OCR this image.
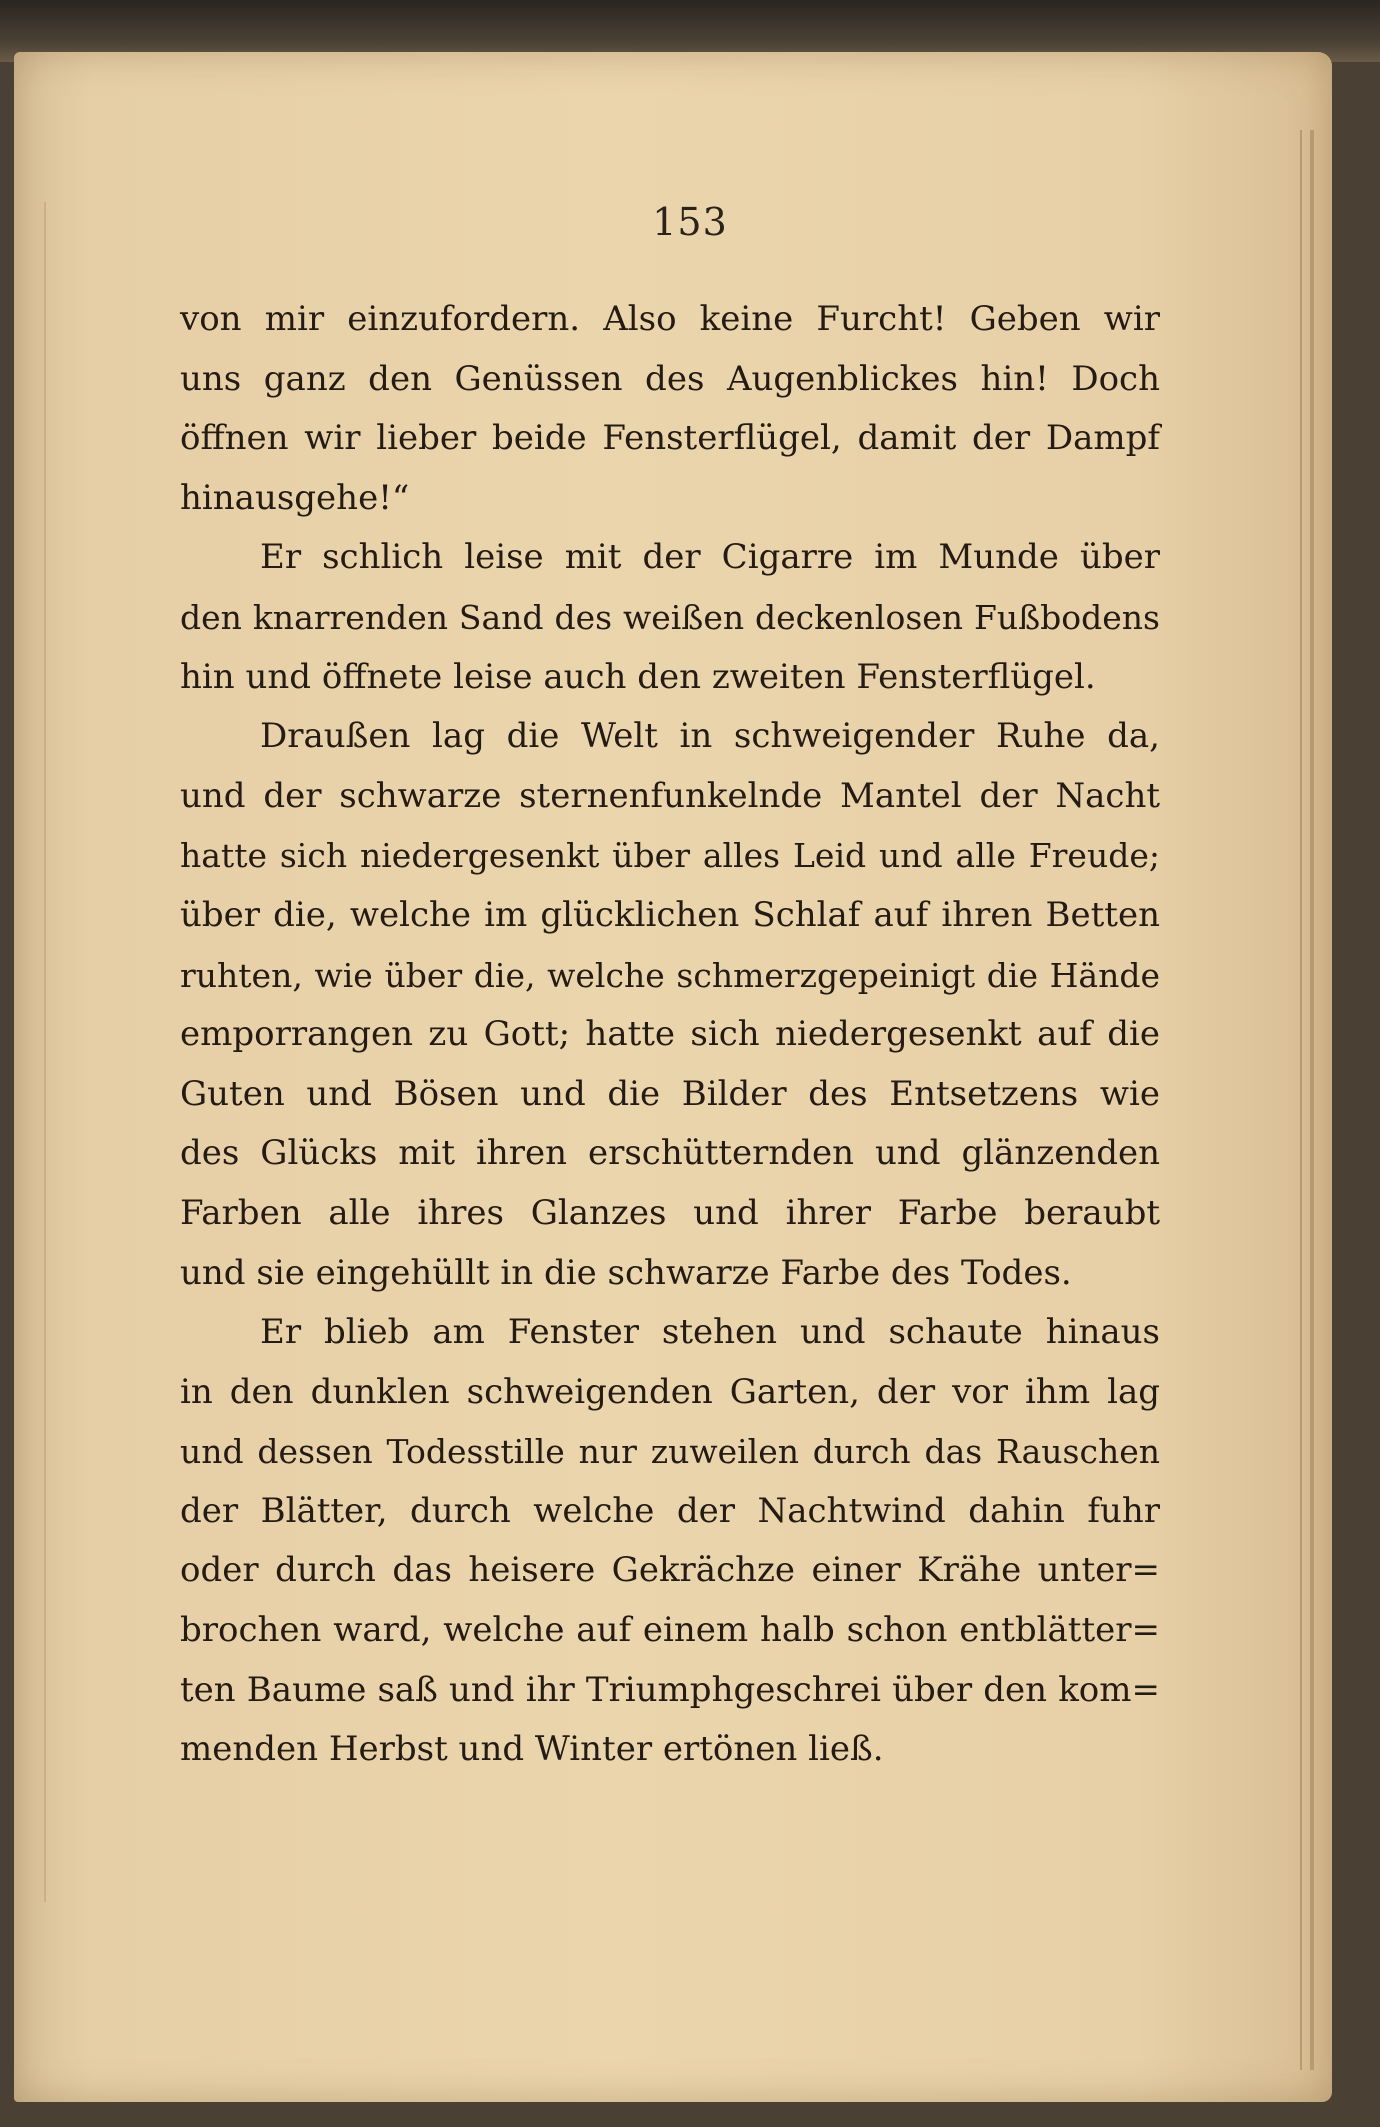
153

von mir einzufordern. Also keine Furcht! Geben wir
uns ganz den Genüssen des Augenblickes hin! Doch
öffnen wir lieber beide Fensterflügel, damit der Dampf
hinausgehe!“

Er schlich leise mit der Cigarre im Munde über
den knarrenden Sand des weißen deckenlosen Fußbodens
hin und öffnete leise auch den zweiten Fensterflügel.

Draußen lag die Welt in schweigender Ruhe da,
und der schwarze sternenfunkelnde Mantel der Nacht
hatte sich niedergesenkt über alles Leid und alle Freude;
über die, welche im glücklichen Schlaf auf ihren Betten
ruhten, wie über die, welche schmerzgepeinigt die Hände
emporrangen zu Gott; hatte sich niedergesenkt auf die
Guten und Bösen und die Bilder des Entsetzens wie
des Glücks mit ihren erschütternden und glänzenden
Farben alle ihres Glanzes und ihrer Farbe beraubt
und sie eingehüllt in die schwarze Farbe des Todes.

Er blieb am Fenster stehen und schaute hinaus
in den dunklen schweigenden Garten, der vor ihm lag
und dessen Todesstille nur zuweilen durch das Rauschen
der Blätter, durch welche der Nachtwind dahin fuhr
oder durch das heisere Gekrächze einer Krähe unter=
brochen ward, welche auf einem halb schon entblätter=
ten Baume saß und ihr Triumphgeschrei über den kom=
menden Herbst und Winter ertönen ließ.
